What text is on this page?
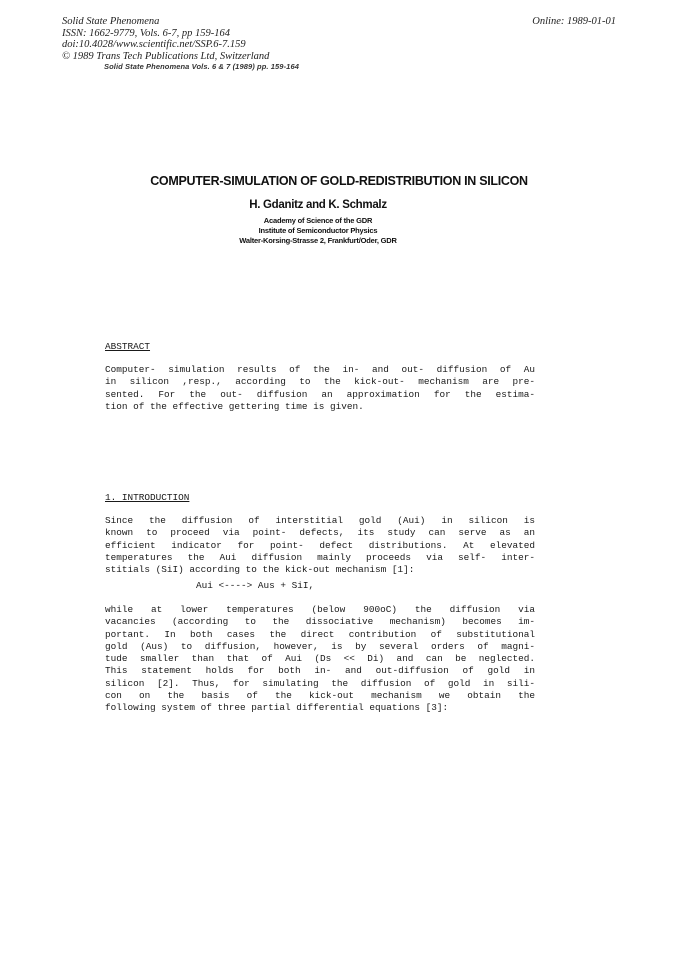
Solid State Phenomena
ISSN: 1662-9779, Vols. 6-7, pp 159-164
doi:10.4028/www.scientific.net/SSP.6-7.159
© 1989 Trans Tech Publications Ltd, Switzerland
Online: 1989-01-01
Solid State Phenomena Vols. 6 & 7 (1989) pp. 159-164
COMPUTER-SIMULATION OF GOLD-REDISTRIBUTION IN SILICON
H. Gdanitz and K. Schmalz
Academy of Science of the GDR
Institute of Semiconductor Physics
Walter-Korsing-Strasse 2, Frankfurt/Oder, GDR
ABSTRACT
Computer- simulation results of the in- and out- diffusion of Au
in silicon ,resp., according to the kick-out- mechanism are pre-
sented. For the out- diffusion an approximation for the estima-
tion of the effective gettering time is given.
1. INTRODUCTION
Since the diffusion of interstitial gold (Aui) in silicon is
known to proceed via point- defects, its study can serve as an
efficient indicator for point- defect distributions. At elevated
temperatures the Aui diffusion mainly proceeds via self- inter-
stitials (SiI) according to the kick-out mechanism [1]:
Aui <----> Aus + SiI,
while at lower temperatures (below 900oC) the diffusion via
vacancies (according to the dissociative mechanism) becomes im-
portant. In both cases the direct contribution of substitutional
gold (Aus) to diffusion, however, is by several orders of magni-
tude smaller than that of Aui (Ds << Di) and can be neglected.
This statement holds for both in- and out-diffusion of gold in
silicon [2]. Thus, for simulating the diffusion of gold in sili-
con on the basis of the kick-out mechanism we obtain the
following system of three partial differential equations [3]:
